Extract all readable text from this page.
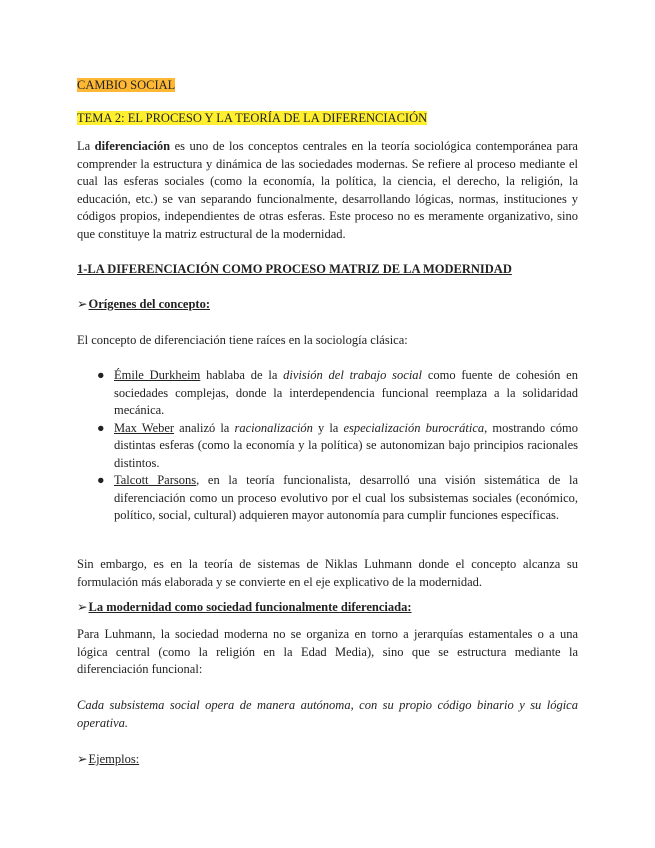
CAMBIO SOCIAL
TEMA 2: EL PROCESO Y LA TEORÍA DE LA DIFERENCIACIÓN
La diferenciación es uno de los conceptos centrales en la teoría sociológica contemporánea para comprender la estructura y dinámica de las sociedades modernas. Se refiere al proceso mediante el cual las esferas sociales (como la economía, la política, la ciencia, el derecho, la religión, la educación, etc.) se van separando funcionalmente, desarrollando lógicas, normas, instituciones y códigos propios, independientes de otras esferas. Este proceso no es meramente organizativo, sino que constituye la matriz estructural de la modernidad.
1-LA DIFERENCIACIÓN COMO PROCESO MATRIZ DE LA MODERNIDAD
➢Orígenes del concepto:
El concepto de diferenciación tiene raíces en la sociología clásica:
● Émile Durkheim hablaba de la división del trabajo social como fuente de cohesión en sociedades complejas, donde la interdependencia funcional reemplaza a la solidaridad mecánica.
● Max Weber analizó la racionalización y la especialización burocrática, mostrando cómo distintas esferas (como la economía y la política) se autonomizan bajo principios racionales distintos.
● Talcott Parsons, en la teoría funcionalista, desarrolló una visión sistemática de la diferenciación como un proceso evolutivo por el cual los subsistemas sociales (económico, político, social, cultural) adquieren mayor autonomía para cumplir funciones específicas.
Sin embargo, es en la teoría de sistemas de Niklas Luhmann donde el concepto alcanza su formulación más elaborada y se convierte en el eje explicativo de la modernidad.
➢La modernidad como sociedad funcionalmente diferenciada:
Para Luhmann, la sociedad moderna no se organiza en torno a jerarquías estamentales o a una lógica central (como la religión en la Edad Media), sino que se estructura mediante la diferenciación funcional:
Cada subsistema social opera de manera autónoma, con su propio código binario y su lógica operativa.
➢Ejemplos:
